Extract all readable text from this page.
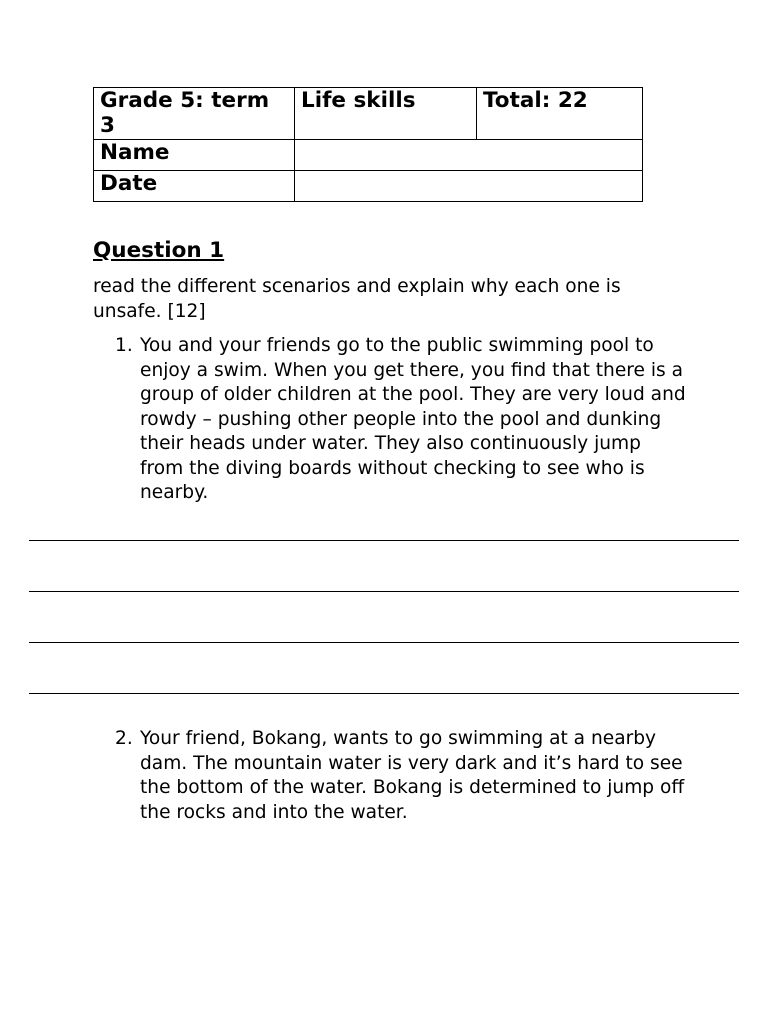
Grade 5: term 3	Life skills	Total: 22
Name		
Date		
Question 1

read the different scenarios and explain why each one is unsafe. [12]

1. You and your friends go to the public swimming pool to enjoy a swim. When you get there, you find that there is a group of older children at the pool. They are very loud and rowdy – pushing other people into the pool and dunking their heads under water. They also continuously jump from the diving boards without checking to see who is nearby.
2. Your friend, Bokang, wants to go swimming at a nearby dam. The mountain water is very dark and it’s hard to see the bottom of the water. Bokang is determined to jump off the rocks and into the water.
